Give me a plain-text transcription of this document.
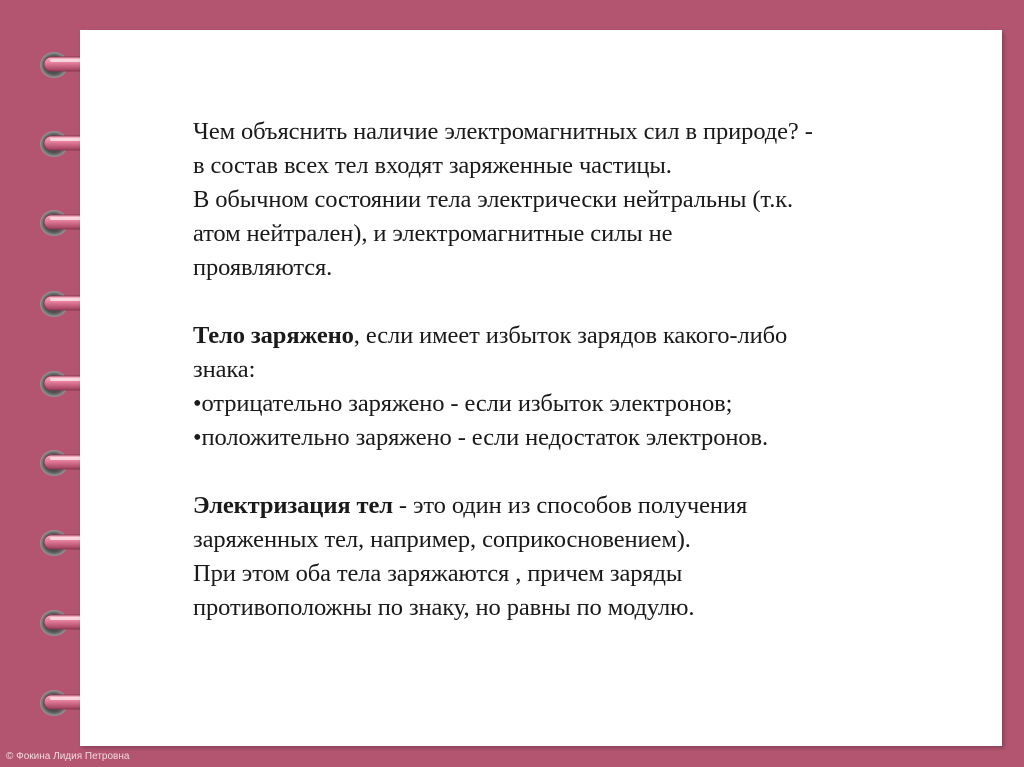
Чем объяснить наличие электромагнитных сил в природе? -
в состав всех тел входят заряженные частицы.
В обычном состоянии тела электрически нейтральны (т.к.
атом нейтрален), и электромагнитные силы не
проявляются.
Тело заряжено, если имеет избыток зарядов какого-либо
знака:
•отрицательно заряжено - если избыток электронов;
•положительно заряжено - если недостаток электронов.
Электризация тел - это один из способов получения
заряженных тел, например, соприкосновением).
При этом оба тела заряжаются , причем заряды
противоположны по знаку, но равны по модулю.
© Фокина Лидия Петровна
